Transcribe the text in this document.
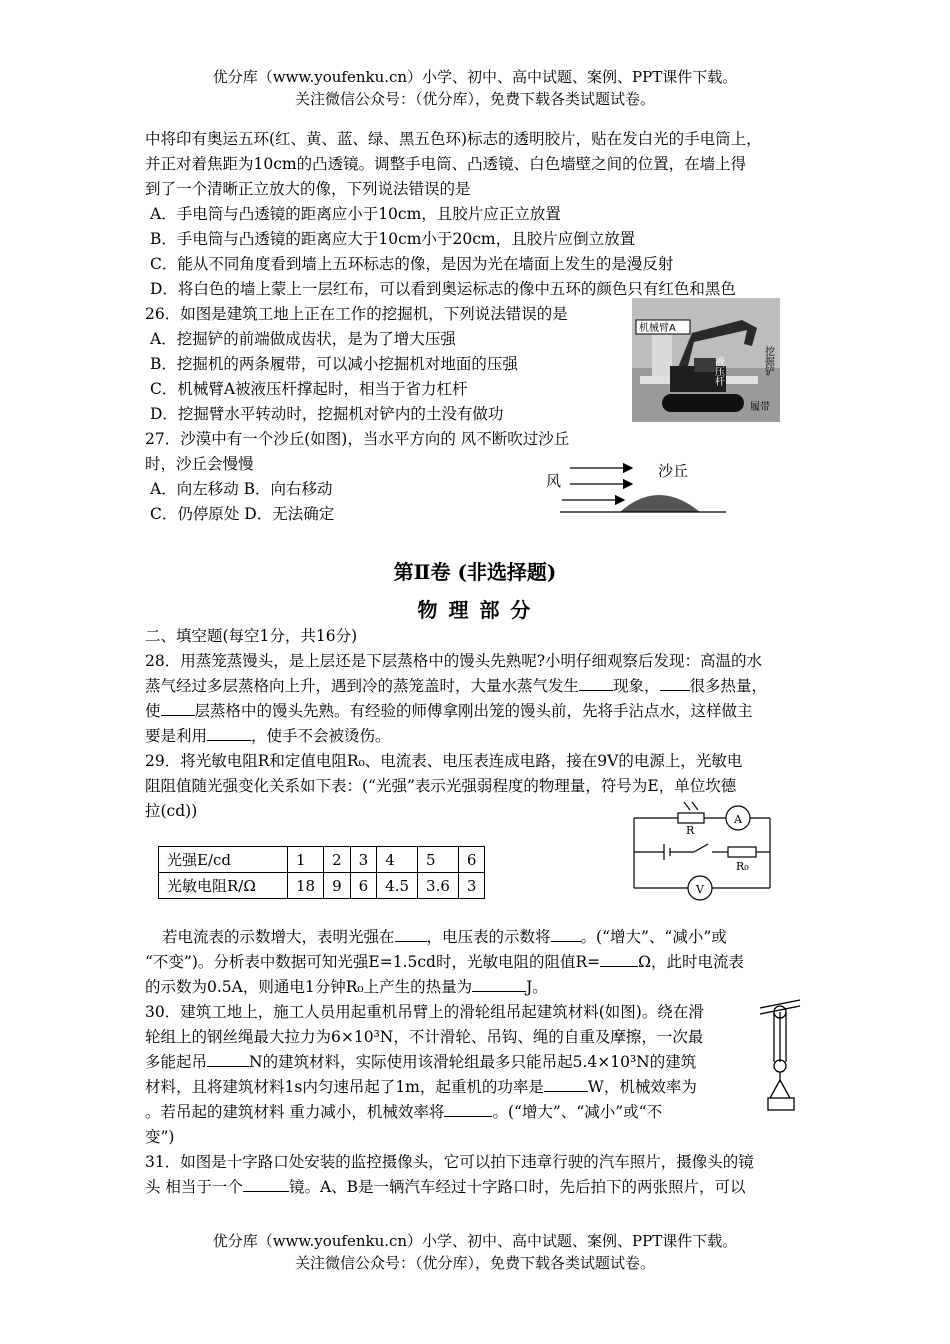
优分库（www.youfenku.cn）小学、初中、高中试题、案例、PPT课件下载。
关注微信公众号：（优分库），免费下载各类试题试卷。
中将印有奥运五环(红、黄、蓝、绿、黑五色环)标志的透明胶片，贴在发白光的手电筒上，
并正对着焦距为10cm的凸透镜。调整手电筒、凸透镜、白色墙壁之间的位置，在墙上得
到了一个清晰正立放大的像，下列说法错误的是
A．手电筒与凸透镜的距离应小于10cm，且胶片应正立放置
B．手电筒与凸透镜的距离应大于10cm小于20cm，且胶片应倒立放置
C．能从不同角度看到墙上五环标志的像，是因为光在墙面上发生的是漫反射
D．将白色的墙上蒙上一层红布，可以看到奥运标志的像中五环的颜色只有红色和黑色
26．如图是建筑工地上正在工作的挖掘机，下列说法错误的是
A．挖掘铲的前端做成齿状，是为了增大压强
B．挖掘机的两条履带，可以减小挖掘机对地面的压强
C．机械臂A被液压杆撑起时，相当于省力杠杆
D．挖掘臂水平转动时，挖掘机对铲内的土没有做功
机械臂A
液压杆	挖掘铲
履带
27．沙漠中有一个沙丘(如图)，当水平方向的 风不断吹过沙丘
时，沙丘会慢慢
A．向左移动 B．向右移动
C．仍停原处 D．无法确定
风
沙丘
第Ⅱ卷 (非选择题)
物 理 部 分
二、填空题(每空1分，共16分)
28．用蒸笼蒸馒头，是上层还是下层蒸格中的馒头先熟呢?小明仔细观察后发现：高温的水
蒸气经过多层蒸格向上升，遇到冷的蒸笼盖时，大量水蒸气发生 现象， 很多热量，
使 层蒸格中的馒头先熟。有经验的师傅拿刚出笼的馒头前，先将手沾点水，这样做主
要是利用	，使手不会被烫伤。
29．将光敏电阻R和定值电阻R₀、电流表、电压表连成电路，接在9V的电源上，光敏电
阻阻值随光强变化关系如下表：(“光强”表示光强弱程度的物理量，符号为E，单位坎德
拉(cd))
光强E/cd	1	2	3	4	5	6
光敏电阻R/Ω	18	9	6	4.5	3.6	3
R
A
R₀
V
若电流表的示数增大，表明光强在 ，电压表的示数将 。(“增大”、“减小”或
“不变”)。分析表中数据可知光强E=1.5cd时，光敏电阻的阻值R= Ω，此时电流表
的示数为0.5A，则通电1分钟R₀上产生的热量为	J。
30．建筑工地上，施工人员用起重机吊臂上的滑轮组吊起建筑材料(如图)。绕在滑
轮组上的钢丝绳最大拉力为6×10³N，不计滑轮、吊钩、绳的自重及摩擦，一次最
多能起吊	N的建筑材料，实际使用该滑轮组最多只能吊起5.4×10³N的建筑
材料，且将建筑材料1s内匀速吊起了1m，起重机的功率是	W，机械效率为
。若吊起的建筑材料 重力减小，机械效率将	。(“增大”、“减小”或“不
变”)
31．如图是十字路口处安装的监控摄像头，它可以拍下违章行驶的汽车照片，摄像头的镜
头 相当于一个	镜。A、B是一辆汽车经过十字路口时，先后拍下的两张照片，可以
优分库（www.youfenku.cn）小学、初中、高中试题、案例、PPT课件下载。
关注微信公众号：（优分库），免费下载各类试题试卷。
